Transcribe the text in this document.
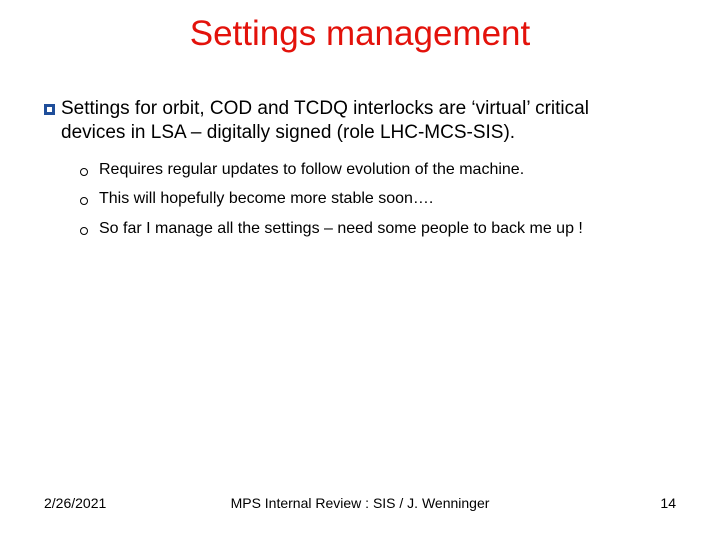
Settings management
Settings for orbit, COD and TCDQ interlocks are ‘virtual’ critical
devices in LSA – digitally signed (role LHC-MCS-SIS).
Requires regular updates to follow evolution of the machine.
This will hopefully become more stable soon….
So far I manage all the settings – need some people to back me up !
2/26/2021	MPS Internal Review : SIS / J. Wenninger	14
